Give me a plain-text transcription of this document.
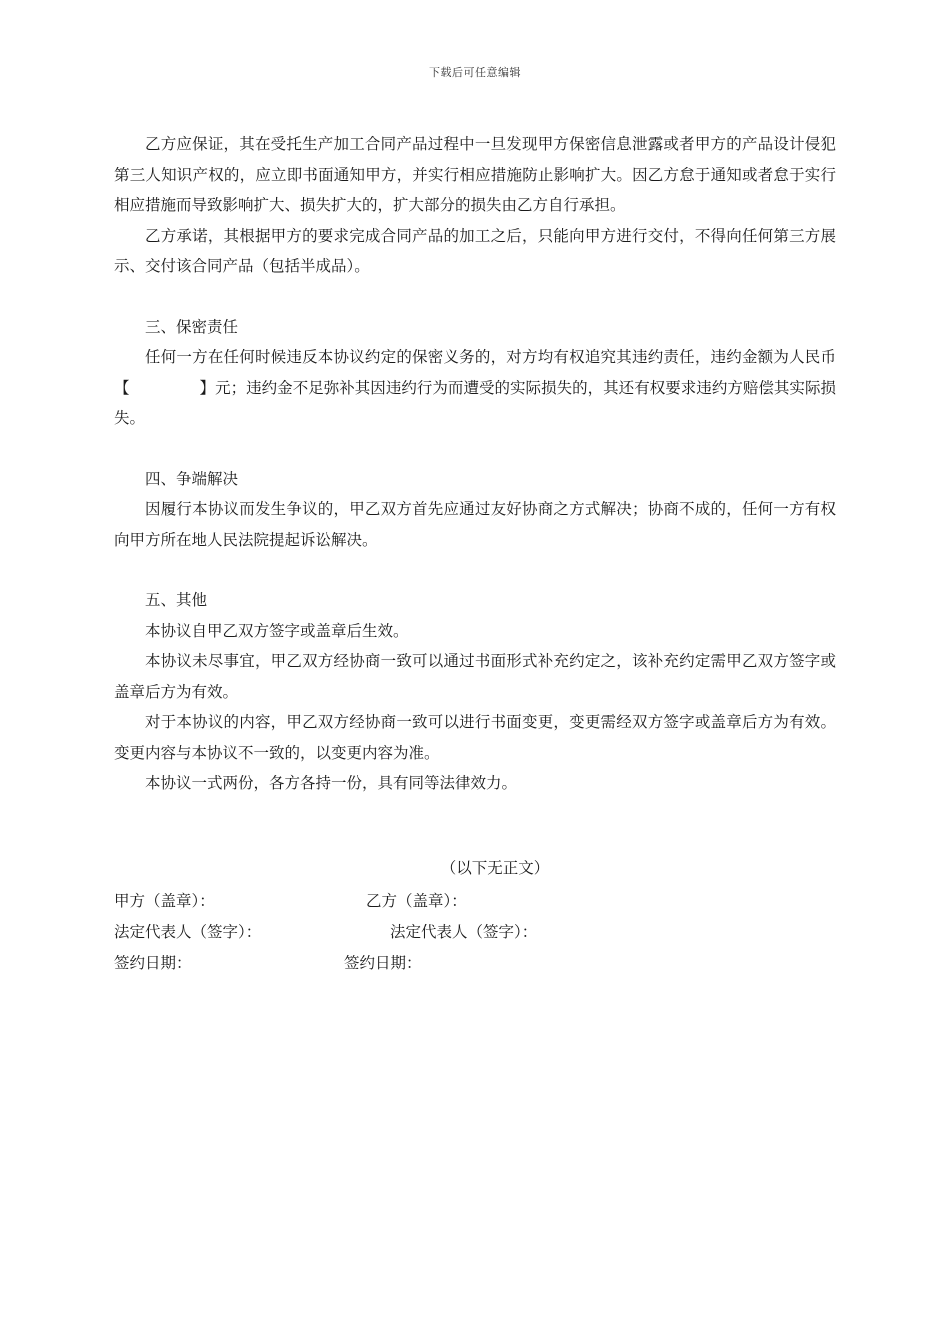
下载后可任意编辑

乙方应保证，其在受托生产加工合同产品过程中一旦发现甲方保密信息泄露或者甲方的产品设计侵犯第三人知识产权的，应立即书面通知甲方，并实行相应措施防止影响扩大。因乙方怠于通知或者怠于实行相应措施而导致影响扩大、损失扩大的，扩大部分的损失由乙方自行承担。

乙方承诺，其根据甲方的要求完成合同产品的加工之后，只能向甲方进行交付，不得向任何第三方展示、交付该合同产品（包括半成品）。

三、保密责任

任何一方在任何时候违反本协议约定的保密义务的，对方均有权追究其违约责任，违约金额为人民币【	】元；违约金不足弥补其因违约行为而遭受的实际损失的，其还有权要求违约方赔偿其实际损失。

四、争端解决

因履行本协议而发生争议的，甲乙双方首先应通过友好协商之方式解决；协商不成的，任何一方有权向甲方所在地人民法院提起诉讼解决。

五、其他

本协议自甲乙双方签字或盖章后生效。

本协议未尽事宜，甲乙双方经协商一致可以通过书面形式补充约定之，该补充约定需甲乙双方签字或盖章后方为有效。

对于本协议的内容，甲乙双方经协商一致可以进行书面变更，变更需经双方签字或盖章后方为有效。变更内容与本协议不一致的，以变更内容为准。

本协议一式两份，各方各持一份，具有同等法律效力。

（以下无正文）
甲方（盖章）：	乙方（盖章）：
法定代表人（签字）：	法定代表人（签字）：
签约日期：	签约日期：
